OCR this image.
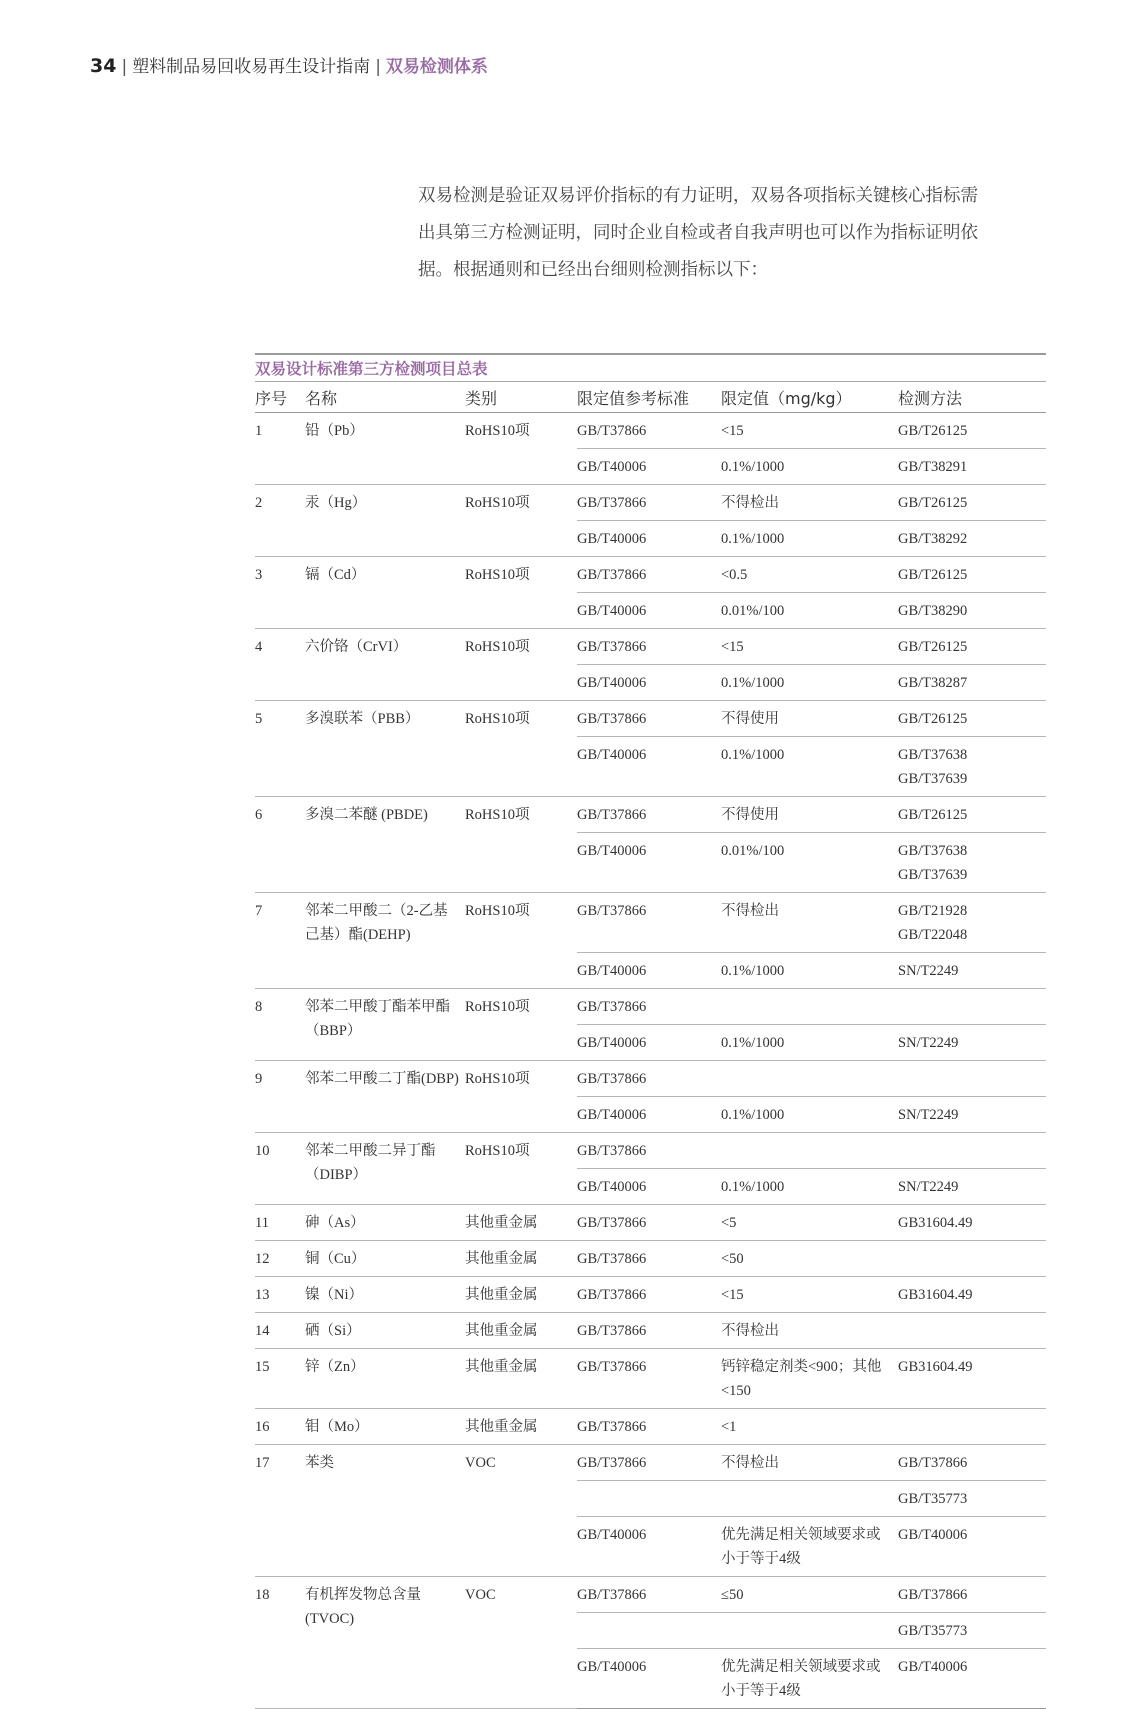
34 | 塑料制品易回收易再生设计指南 | 双易检测体系

双易检测是验证双易评价指标的有力证明，双易各项指标关键核心指标需

出具第三方检测证明，同时企业自检或者自我声明也可以作为指标证明依

据。根据通则和已经出台细则检测指标以下：

双易设计标准第三方检测项目总表
序号	名称	类别	限定值参考标准	限定值（mg/kg）	检测方法
1	铅（Pb）	RoHS10项	GB/T37866	<15	GB/T26125

			GB/T40006	0.1%/1000	GB/T38291

2	汞（Hg）	RoHS10项	GB/T37866	不得检出	GB/T26125

			GB/T40006	0.1%/1000	GB/T38292

3	镉（Cd）	RoHS10项	GB/T37866	<0.5	GB/T26125

			GB/T40006	0.01%/100	GB/T38290

4	六价铬（CrVI）	RoHS10项	GB/T37866	<15	GB/T26125

			GB/T40006	0.1%/1000	GB/T38287

5	多溴联苯（PBB）	RoHS10项	GB/T37866	不得使用	GB/T26125

			GB/T40006	0.1%/1000	GB/T37638
GB/T37639

6	多溴二苯醚 (PBDE)	RoHS10项	GB/T37866	不得使用	GB/T26125

			GB/T40006	0.01%/100	GB/T37638
GB/T37639

7	邻苯二甲酸二（2-乙基己基）酯(DEHP)	RoHS10项	GB/T37866	不得检出	GB/T21928
GB/T22048

			GB/T40006	0.1%/1000	SN/T2249

8	邻苯二甲酸丁酯苯甲酯（BBP）	RoHS10项	GB/T37866		
			GB/T40006	0.1%/1000	SN/T2249

9	邻苯二甲酸二丁酯(DBP)	RoHS10项	GB/T37866		
			GB/T40006	0.1%/1000	SN/T2249

10	邻苯二甲酸二异丁酯（DIBP）	RoHS10项	GB/T37866		
			GB/T40006	0.1%/1000	SN/T2249

11	砷（As）	其他重金属	GB/T37866	<5	GB31604.49

12	铜（Cu）	其他重金属	GB/T37866	<50	
13	镍（Ni）	其他重金属	GB/T37866	<15	GB31604.49

14	硒（Si）	其他重金属	GB/T37866	不得检出	
15	锌（Zn）	其他重金属	GB/T37866	钙锌稳定剂类<900；其他<150	GB31604.49

16	钼（Mo）	其他重金属	GB/T37866	<1	
17	苯类	VOC	GB/T37866	不得检出	GB/T37866

					GB/T35773

			GB/T40006	优先满足相关领域要求或小于等于4级	GB/T40006

18	有机挥发物总含量(TVOC)	VOC	GB/T37866	≤50	GB/T37866

					GB/T35773

			GB/T40006	优先满足相关领域要求或小于等于4级	GB/T40006
